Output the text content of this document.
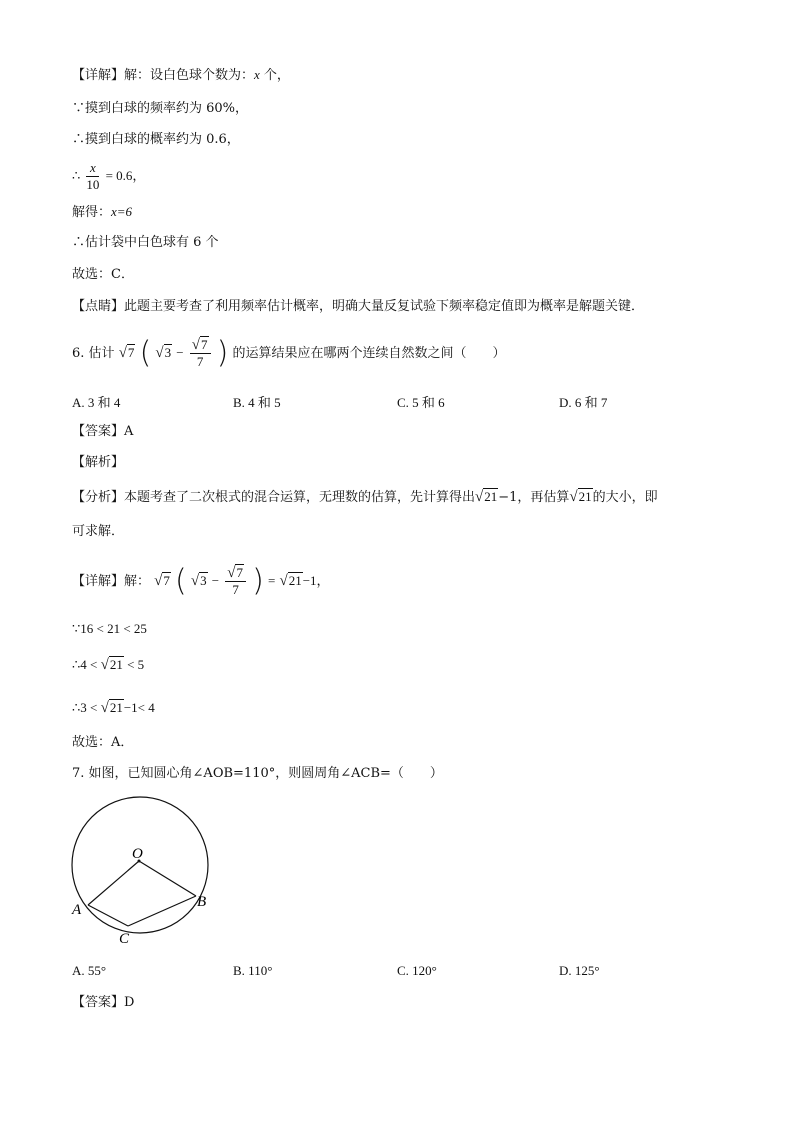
【详解】解：设白色球个数为：x 个，
∵摸到白球的频率约为 60%，
∴摸到白球的概率约为 0.6，
∴ $\frac{x}{10} = 0.6$，
解得：x=6
∴估计袋中白色球有 6 个
故选：C．
【点睛】此题主要考查了利用频率估计概率，明确大量反复试验下频率稳定值即为概率是解题关键．
6. 估计 √7 ( $√3 - \frac{√7}{7}$ ) 的运算结果应在哪两个连续自然数之间（　　）
A. 3 和 4	B. 4 和 5	C. 5 和 6	D. 6 和 7
【答案】A
【解析】
【分析】本题考查了二次根式的混合运算，无理数的估算，先计算得出√21−1，再估算√21的大小，即
可求解．
【详解】解： √7 ( $√3 - \frac{√7}{7}$ ) = √21−1，
∵16 < 21 < 25
∴4 < √21 < 5
∴3 < √21−1< 4
故选：A．
7. 如图，已知圆心角∠AOB=110°，则圆周角∠ACB=（　　）
O
A	B
C
A. 55°	B. 110°	C. 120°	D. 125°
【答案】D
